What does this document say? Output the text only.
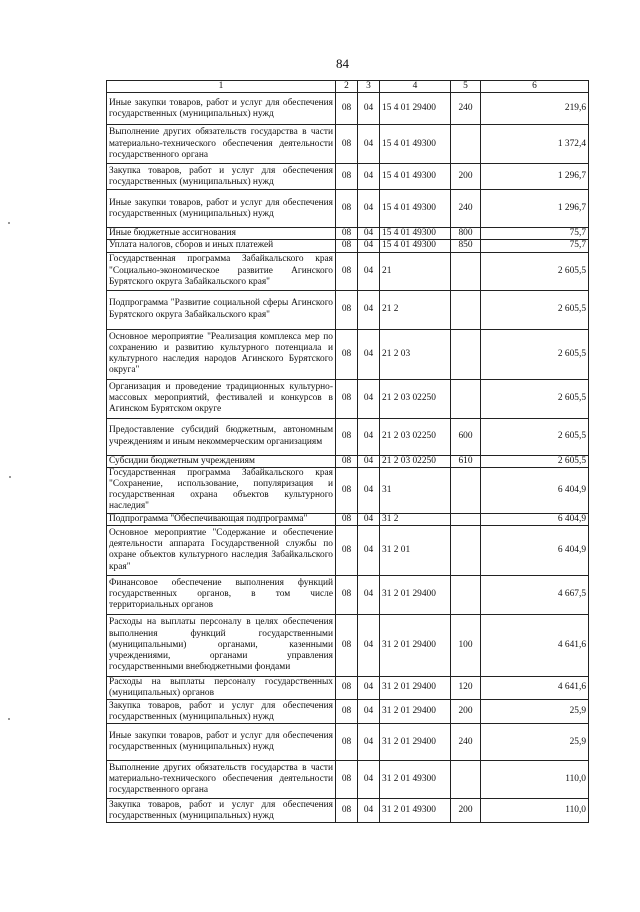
84
1	2	3	4	5	6
Иные закупки товаров, работ и услуг для обеспечения государственных (муниципальных) нужд	08	04	15 4 01 29400	240	219,6
Выполнение других обязательств государства в части материально-технического обеспечения деятельности государственного органа	08	04	15 4 01 49300		1 372,4
Закупка товаров, работ и услуг для обеспечения государственных (муниципальных) нужд	08	04	15 4 01 49300	200	1 296,7
Иные закупки товаров, работ и услуг для обеспечения государственных (муниципальных) нужд	08	04	15 4 01 49300	240	1 296,7
Иные бюджетные ассигнования	08	04	15 4 01 49300	800	75,7
Уплата налогов, сборов и иных платежей	08	04	15 4 01 49300	850	75,7
Государственная программа Забайкальского края "Социально-экономическое развитие Агинского Бурятского округа Забайкальского края"	08	04	21		2 605,5
Подпрограмма "Развитие социальной сферы Агинского Бурятского округа Забайкальского края"	08	04	21 2		2 605,5
Основное мероприятие "Реализация комплекса мер по сохранению и развитию культурного потенциала и культурного наследия народов Агинского Бурятского округа"	08	04	21 2 03		2 605,5
Организация и проведение традиционных культурно-массовых мероприятий, фестивалей и конкурсов в Агинском Бурятском округе	08	04	21 2 03 02250		2 605,5
Предоставление субсидий бюджетным, автономным учреждениям и иным некоммерческим организациям	08	04	21 2 03 02250	600	2 605,5
Субсидии бюджетным учреждениям	08	04	21 2 03 02250	610	2 605,5
Государственная программа Забайкальского края "Сохранение, использование, популяризация и государственная охрана объектов культурного наследия"	08	04	31		6 404,9
Подпрограмма "Обеспечивающая подпрограмма"	08	04	31 2		6 404,9
Основное мероприятие "Содержание и обеспечение деятельности аппарата Государственной службы по охране объектов культурного наследия Забайкальского края"	08	04	31 2 01		6 404,9
Финансовое обеспечение выполнения функций государственных органов, в том числе территориальных органов	08	04	31 2 01 29400		4 667,5
Расходы на выплаты персоналу в целях обеспечения выполнения функций государственными (муниципальными) органами, казенными учреждениями, органами управления государственными внебюджетными фондами	08	04	31 2 01 29400	100	4 641,6
Расходы на выплаты персоналу государственных (муниципальных) органов	08	04	31 2 01 29400	120	4 641,6
Закупка товаров, работ и услуг для обеспечения государственных (муниципальных) нужд	08	04	31 2 01 29400	200	25,9
Иные закупки товаров, работ и услуг для обеспечения государственных (муниципальных) нужд	08	04	31 2 01 29400	240	25,9
Выполнение других обязательств государства в части материально-технического обеспечения деятельности государственного органа	08	04	31 2 01 49300		110,0
Закупка товаров, работ и услуг для обеспечения государственных (муниципальных) нужд	08	04	31 2 01 49300	200	110,0
